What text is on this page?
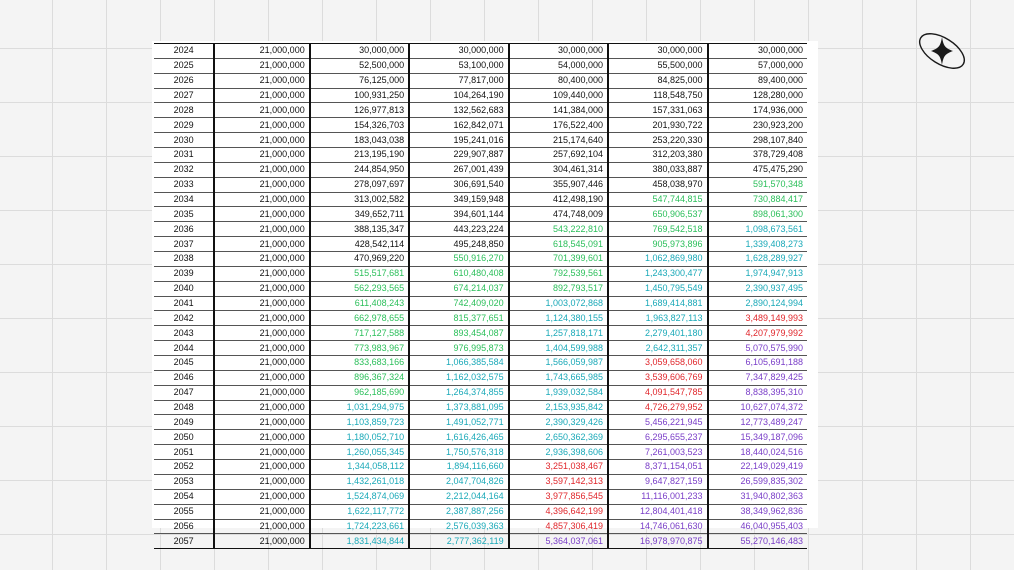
2024	21,000,000	30,000,000	30,000,000	30,000,000	30,000,000	30,000,000
2025	21,000,000	52,500,000	53,100,000	54,000,000	55,500,000	57,000,000
2026	21,000,000	76,125,000	77,817,000	80,400,000	84,825,000	89,400,000
2027	21,000,000	100,931,250	104,264,190	109,440,000	118,548,750	128,280,000
2028	21,000,000	126,977,813	132,562,683	141,384,000	157,331,063	174,936,000
2029	21,000,000	154,326,703	162,842,071	176,522,400	201,930,722	230,923,200
2030	21,000,000	183,043,038	195,241,016	215,174,640	253,220,330	298,107,840
2031	21,000,000	213,195,190	229,907,887	257,692,104	312,203,380	378,729,408
2032	21,000,000	244,854,950	267,001,439	304,461,314	380,033,887	475,475,290
2033	21,000,000	278,097,697	306,691,540	355,907,446	458,038,970	591,570,348
2034	21,000,000	313,002,582	349,159,948	412,498,190	547,744,815	730,884,417
2035	21,000,000	349,652,711	394,601,144	474,748,009	650,906,537	898,061,300
2036	21,000,000	388,135,347	443,223,224	543,222,810	769,542,518	1,098,673,561
2037	21,000,000	428,542,114	495,248,850	618,545,091	905,973,896	1,339,408,273
2038	21,000,000	470,969,220	550,916,270	701,399,601	1,062,869,980	1,628,289,927
2039	21,000,000	515,517,681	610,480,408	792,539,561	1,243,300,477	1,974,947,913
2040	21,000,000	562,293,565	674,214,037	892,793,517	1,450,795,549	2,390,937,495
2041	21,000,000	611,408,243	742,409,020	1,003,072,868	1,689,414,881	2,890,124,994
2042	21,000,000	662,978,655	815,377,651	1,124,380,155	1,963,827,113	3,489,149,993
2043	21,000,000	717,127,588	893,454,087	1,257,818,171	2,279,401,180	4,207,979,992
2044	21,000,000	773,983,967	976,995,873	1,404,599,988	2,642,311,357	5,070,575,990
2045	21,000,000	833,683,166	1,066,385,584	1,566,059,987	3,059,658,060	6,105,691,188
2046	21,000,000	896,367,324	1,162,032,575	1,743,665,985	3,539,606,769	7,347,829,425
2047	21,000,000	962,185,690	1,264,374,855	1,939,032,584	4,091,547,785	8,838,395,310
2048	21,000,000	1,031,294,975	1,373,881,095	2,153,935,842	4,726,279,952	10,627,074,372
2049	21,000,000	1,103,859,723	1,491,052,771	2,390,329,426	5,456,221,945	12,773,489,247
2050	21,000,000	1,180,052,710	1,616,426,465	2,650,362,369	6,295,655,237	15,349,187,096
2051	21,000,000	1,260,055,345	1,750,576,318	2,936,398,606	7,261,003,523	18,440,024,516
2052	21,000,000	1,344,058,112	1,894,116,660	3,251,038,467	8,371,154,051	22,149,029,419
2053	21,000,000	1,432,261,018	2,047,704,826	3,597,142,313	9,647,827,159	26,599,835,302
2054	21,000,000	1,524,874,069	2,212,044,164	3,977,856,545	11,116,001,233	31,940,802,363
2055	21,000,000	1,622,117,772	2,387,887,256	4,396,642,199	12,804,401,418	38,349,962,836
2056	21,000,000	1,724,223,661	2,576,039,363	4,857,306,419	14,746,061,630	46,040,955,403
2057	21,000,000	1,831,434,844	2,777,362,119	5,364,037,061	16,978,970,875	55,270,146,483
